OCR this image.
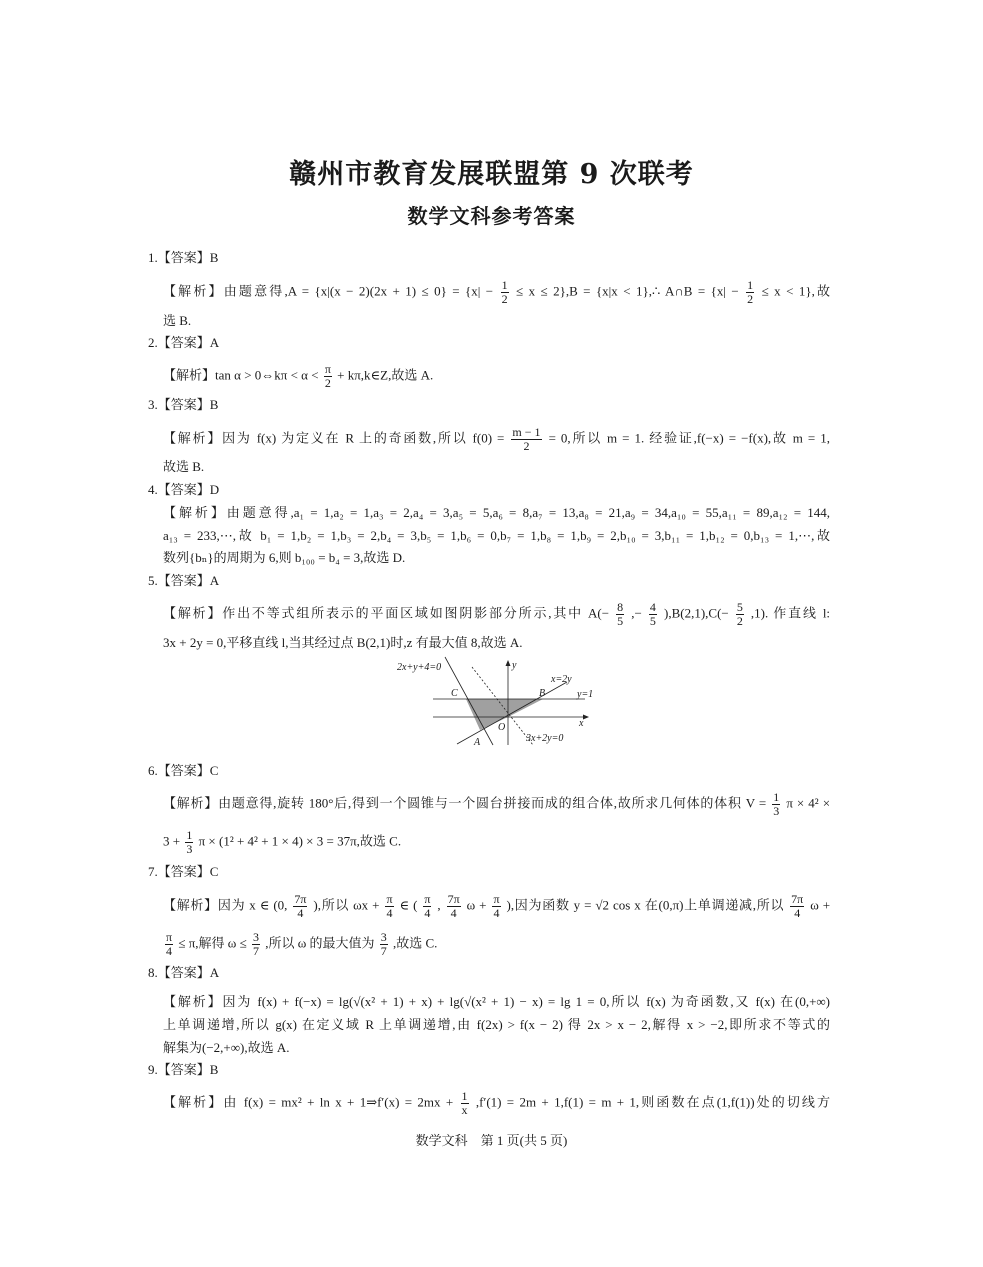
赣州市教育发展联盟第 9 次联考
数学文科参考答案
1.【答案】B
【解析】由题意得$,A = \{x|(x - 2)(2x + 1) \le 0\} = \{x| - \frac{1}{2} \le x \le 2\},B = \{x|x$ < 1},∴ A∩B = $\{x| - \frac{1}{2} \le x < 1\}$,故
选 B.
2.【答案】A
【解析】tan α > 0⇔kπ < $\alpha < \frac{\pi}{2}$ + kπ,k∈Z,故选 A.
3.【答案】B
【解析】因为 f(x) 为定义在 R 上的奇函数,所以 $f(0) = \frac{m - 1}{2} = 0$,所以 m = 1. 经验证,f(−x) = −f(x),故 m = 1,
故选 B.
4.【答案】D
【解析】由题意得,a₁ = 1,a₂ = 1,a₃ = 2,a₄ = 3,a₅ = 5,a₆ = 8,a₇ = 13,a₈ = 21,a₉ = 34,a₁₀ = 55,a₁₁ = 89,a₁₂ = 144,
a₁₃ = 233,⋯,故 b₁ = 1,b₂ = 1,b₃ = 2,b₄ = 3,b₅ = 1,b₆ = 0,b₇ = 1,b₈ = 1,b₉ = 2,b₁₀ = 3,b₁₁ = 1,b₁₂ = 0,b₁₃ = 1,⋯,故
数列{bₙ}的周期为 6,则 b₁₀₀ = b₄ = 3,故选 D.
5.【答案】A
【解析】作出不等式组所表示的平面区域如图阴影部分所示,其中 $A(- \frac{8}{5}$ ,− $\frac{4}{5} ),B(2,1),C(- \frac{5}{2} ,1)$. 作直线 l:
3x + 2y = 0,平移直线 l,当其经过点 B(2,1)时,z 有最大值 8,故选 A.
6.【答案】C
【解析】由题意得,旋转 180°后,得到一个圆锥与一个圆台拼接而成的组合体,故所求几何体的体积 $V = \frac{1}{3}$ π × 4² ×
$3 + \frac{1}{3}$ π × (1² + 4² + 1 × 4) × 3 = 37π,故选 C.
7.【答案】C
【解析】因为 x ∈ (0, $\frac{7\pi}{4}$ ),所以 $\omega x + \frac{\pi}{4}$ ∈ ( $\frac{\pi}{4}$ , $\frac{7\pi}{4}$ $\omega + \frac{\pi}{4}$ ),因为函数 y = √2 cos x 在(0,π)上单调递减,所以 $\frac{7\pi}{4}$ ω +
$\frac{\pi}{4} \le \pi$,解得 $\omega \le \frac{3}{7}$ ,所以 ω 的最大值为 $\frac{3}{7}$ ,故选 C.
8.【答案】A
【解析】因为 f(x) + f(−x) = lg(√(x² + 1) + x) + lg(√(x² + 1) − x) = lg 1 = 0,所以 f(x) 为奇函数,又 f(x) 在(0,+∞)
上单调递增,所以 g(x) 在定义域 R 上单调递增,由 f(2x) > f(x − 2) 得 2x > x − 2,解得 x > −2,即所求不等式的
解集为(−2,+∞),故选 A.
9.【答案】B
【解析】由 f(x) = mx² + ln x + 1⇒f′(x) = $2mx + \frac{1}{x} ,f'(1) = 2m + 1,f(1) = m + 1$,则函数在点(1,f(1))处的切线方
2x+y+4=0	y
x=2y
C	B	y=1
O	x
A	3x+2y=0
数学文科　第 1 页(共 5 页)
